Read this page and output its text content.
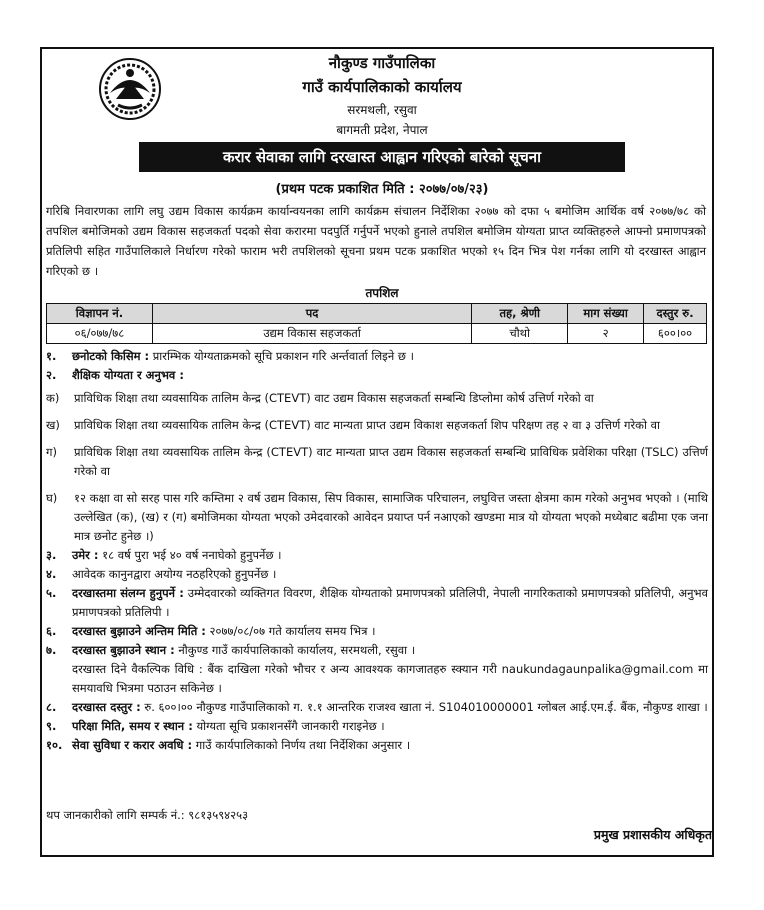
नौकुण्ड गाउँपालिका
गाउँ कार्यपालिकाको कार्यालय
सरमथली, रसुवा
बागमती प्रदेश, नेपाल
करार सेवाका लागि दरखास्त आह्वान गरिएको बारेको सूचना
(प्रथम पटक प्रकाशित मिति : २०७७/०७/२३)
गरिबि निवारणका लागि लघु उद्यम विकास कार्यक्रम कार्यान्वयनका लागि कार्यक्रम संचालन निर्देशिका २०७७ को दफा ५ बमोजिम आर्थिक वर्ष २०७७/७८ को तपशिल बमोजिमको उद्यम विकास सहजकर्ता पदको सेवा करारमा पदपुर्ति गर्नुपर्ने भएको हुनाले तपशिल बमोजिम योग्यता प्राप्त व्यक्तिहरुले आफ्नो प्रमाणपत्रको प्रतिलिपी सहित गाउँपालिकाले निर्धारण गरेको फाराम भरी तपशिलको सूचना प्रथम पटक प्रकाशित भएको १५ दिन भित्र पेश गर्नका लागि यो दरखास्त आह्वान गरिएको छ ।
तपशिल
विज्ञापन नं.	पद	तह, श्रेणी	माग संख्या	दस्तुर रु.
०६/०७७/७८	उद्यम विकास सहजकर्ता	चौथो	२	६००।००
१.	छनोटको किसिम : प्रारम्भिक योग्यताक्रमको सूचि प्रकाशन गरि अर्न्तवार्ता लिइने छ ।
२.	शैक्षिक योग्यता र अनुभव :
क)	प्राविधिक शिक्षा तथा व्यवसायिक तालिम केन्द्र (CTEVT) वाट उद्यम विकास सहजकर्ता सम्बन्धि डिप्लोमा कोर्ष उत्तिर्ण गरेको वा
ख)	प्राविधिक शिक्षा तथा व्यवसायिक तालिम केन्द्र (CTEVT) वाट मान्यता प्राप्त उद्यम विकाश सहजकर्ता शिप परिक्षण तह २ वा ३ उत्तिर्ण गरेको वा
ग)	प्राविधिक शिक्षा तथा व्यवसायिक तालिम केन्द्र (CTEVT) वाट मान्यता प्राप्त उद्यम विकास सहजकर्ता सम्बन्धि प्राविधिक प्रवेशिका परिक्षा (TSLC) उत्तिर्ण गरेको वा
घ)	१२ कक्षा वा सो सरह पास गरि कम्तिमा २ वर्ष उद्यम विकास, सिप विकास, सामाजिक परिचालन, लघुवित्त जस्ता क्षेत्रमा काम गरेको अनुभव भएको । (माथि उल्लेखित (क), (ख) र (ग) बमोजिमका योग्यता भएको उमेदवारको आवेदन प्रयाप्त पर्न नआएको खण्डमा मात्र यो योग्यता भएको मध्येबाट बढीमा एक जना मात्र छनोट हुनेछ ।)
३.	उमेर : १८ वर्ष पुरा भई ४० वर्ष ननाघेको हुनुपर्नेछ ।
४.	आवेदक कानुनद्वारा अयोग्य नठहरिएको हुनुपर्नेछ ।
५.	दरखास्तमा संलग्न हुनुपर्ने : उम्मेदवारको व्यक्तिगत विवरण, शैक्षिक योग्यताको प्रमाणपत्रको प्रतिलिपी, नेपाली नागरिकताको प्रमाणपत्रको प्रतिलिपी, अनुभव प्रमाणपत्रको प्रतिलिपी ।
६.	दरखास्त बुझाउने अन्तिम मिति : २०७७/०८/०७ गते कार्यालय समय भित्र ।
७.	दरखास्त बुझाउने स्थान : नौकुण्ड गाउँ कार्यपालिकाको कार्यालय, सरमथली, रसुवा ।
दरखास्त दिने वैकल्पिक विधि : बैंक दाखिला गरेको भौचर र अन्य आवश्यक कागजातहरु स्क्यान गरी naukundagaunpalika@gmail.com मा समयावधि भित्रमा पठाउन सकिनेछ ।
८.	दरखास्त दस्तुर : रु. ६००।०० नौकुण्ड गाउँपालिकाको ग. १.१ आन्तरिक राजश्व खाता नं. S104010000001 ग्लोबल आई.एम.ई. बैंक, नौकुण्ड शाखा ।
९.	परिक्षा मिति, समय र स्थान : योग्यता सूचि प्रकाशनसँगै जानकारी गराइनेछ ।
१०. सेवा सुविधा र करार अवधि : गाउँ कार्यपालिकाको निर्णय तथा निर्देशिका अनुसार ।
थप जानकारीको लागि सम्पर्क नं.: ९८१३५९४२५३
प्रमुख प्रशासकीय अधिकृत
